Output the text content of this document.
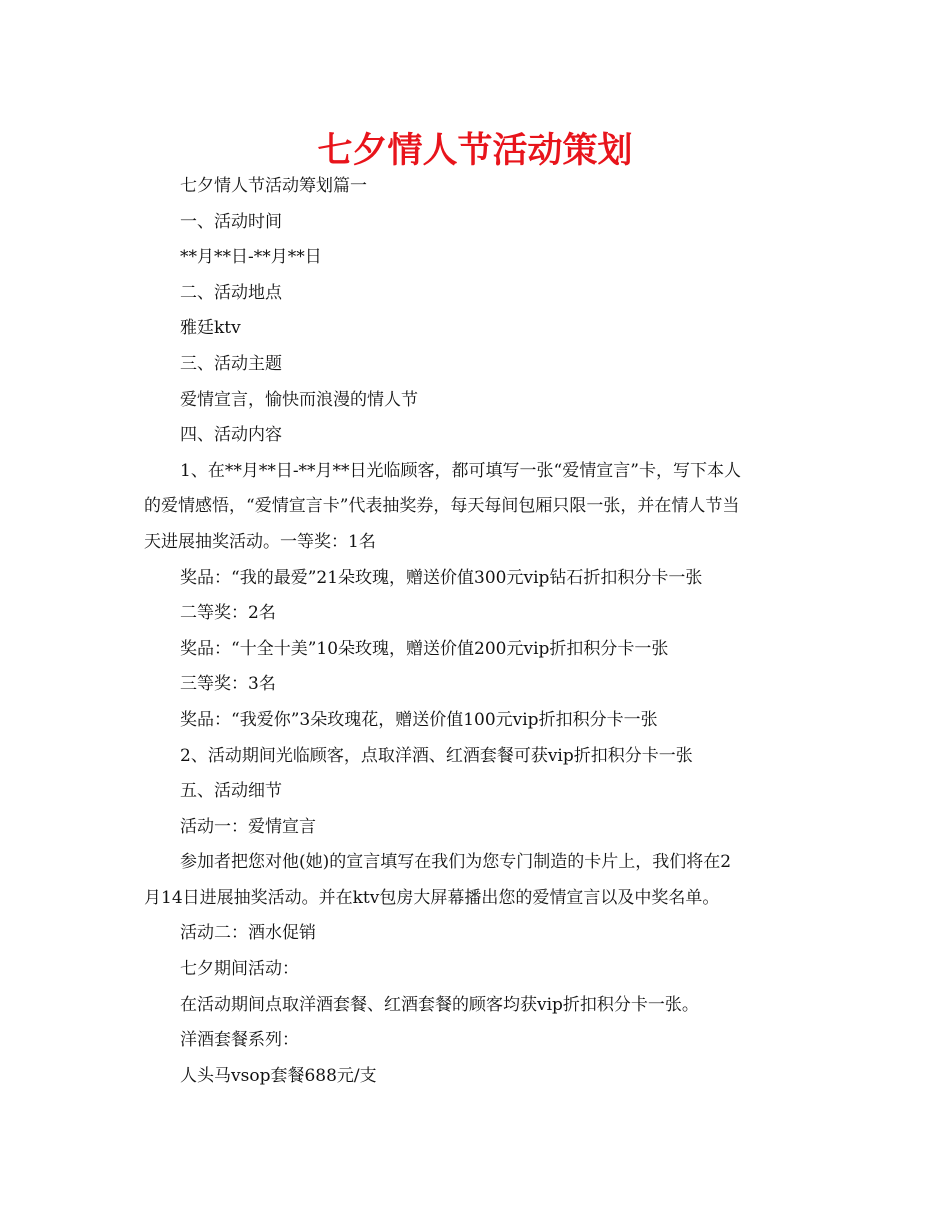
七夕情人节活动策划

七夕情人节活动筹划篇一

一、活动时间

**月**日-**月**日

二、活动地点

雅廷ktv

三、活动主题

爱情宣言，愉快而浪漫的情人节

四、活动内容

1、在**月**日-**月**日光临顾客，都可填写一张“爱情宣言”卡，写下本人

的爱情感悟，“爱情宣言卡”代表抽奖券，每天每间包厢只限一张，并在情人节当

天进展抽奖活动。一等奖：1名

奖品：“我的最爱”21朵玫瑰，赠送价值300元vip钻石折扣积分卡一张

二等奖：2名

奖品：“十全十美”10朵玫瑰，赠送价值200元vip折扣积分卡一张

三等奖：3名

奖品：“我爱你”3朵玫瑰花，赠送价值100元vip折扣积分卡一张

2、活动期间光临顾客，点取洋酒、红酒套餐可获vip折扣积分卡一张

五、活动细节

活动一：爱情宣言

参加者把您对他(她)的宣言填写在我们为您专门制造的卡片上，我们将在2

月14日进展抽奖活动。并在ktv包房大屏幕播出您的爱情宣言以及中奖名单。

活动二：酒水促销

七夕期间活动：

在活动期间点取洋酒套餐、红酒套餐的顾客均获vip折扣积分卡一张。

洋酒套餐系列：

人头马vsop套餐688元/支
